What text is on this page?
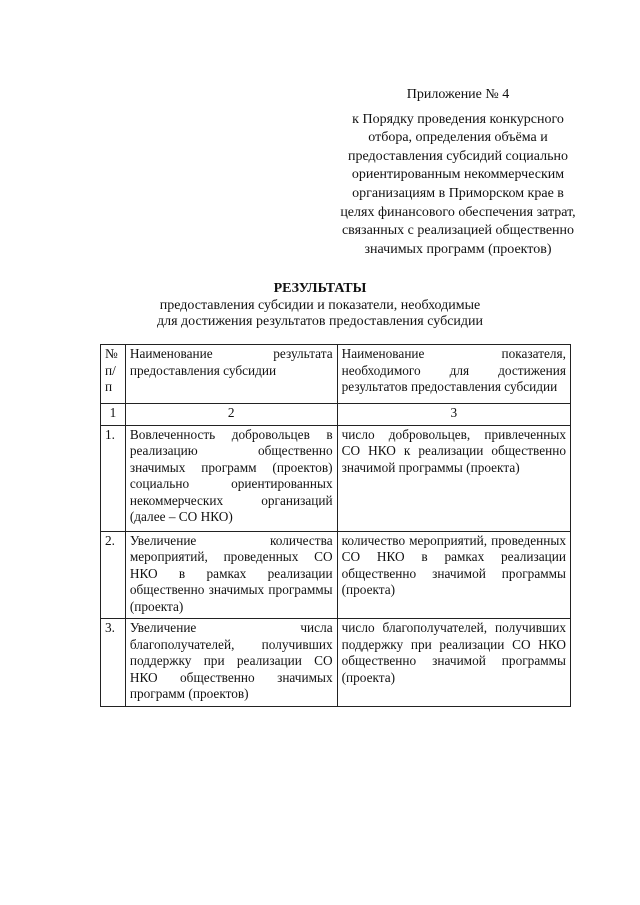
Приложение № 4
к Порядку проведения конкурсного
отбора, определения объёма и
предоставления субсидий социально
ориентированным некоммерческим
организациям в Приморском крае в
целях финансового обеспечения затрат,
связанных с реализацией общественно
значимых программ (проектов)
РЕЗУЛЬТАТЫ
предоставления субсидии и показатели, необходимые
для достижения результатов предоставления субсидии
№ п/п	Наименование результата предоставления субсидии	Наименование показателя, необходимого для достижения результатов предоставления субсидии
1	2	3
1.	Вовлеченность добровольцев в реализацию общественно значимых программ (проектов) социально ориентированных некоммерческих организаций (далее – СО НКО)	число добровольцев, привлеченных СО НКО к реализации общественно значимой программы (проекта)
2.	Увеличение количества мероприятий, проведенных СО НКО в рамках реализации общественно значимых программы (проекта)	количество мероприятий, проведенных СО НКО в рамках реализации общественно значимой программы (проекта)
3.	Увеличение числа благополучателей, получивших поддержку при реализации СО НКО общественно значимых программ (проектов)	число благополучателей, получивших поддержку при реализации СО НКО общественно значимой программы (проекта)
